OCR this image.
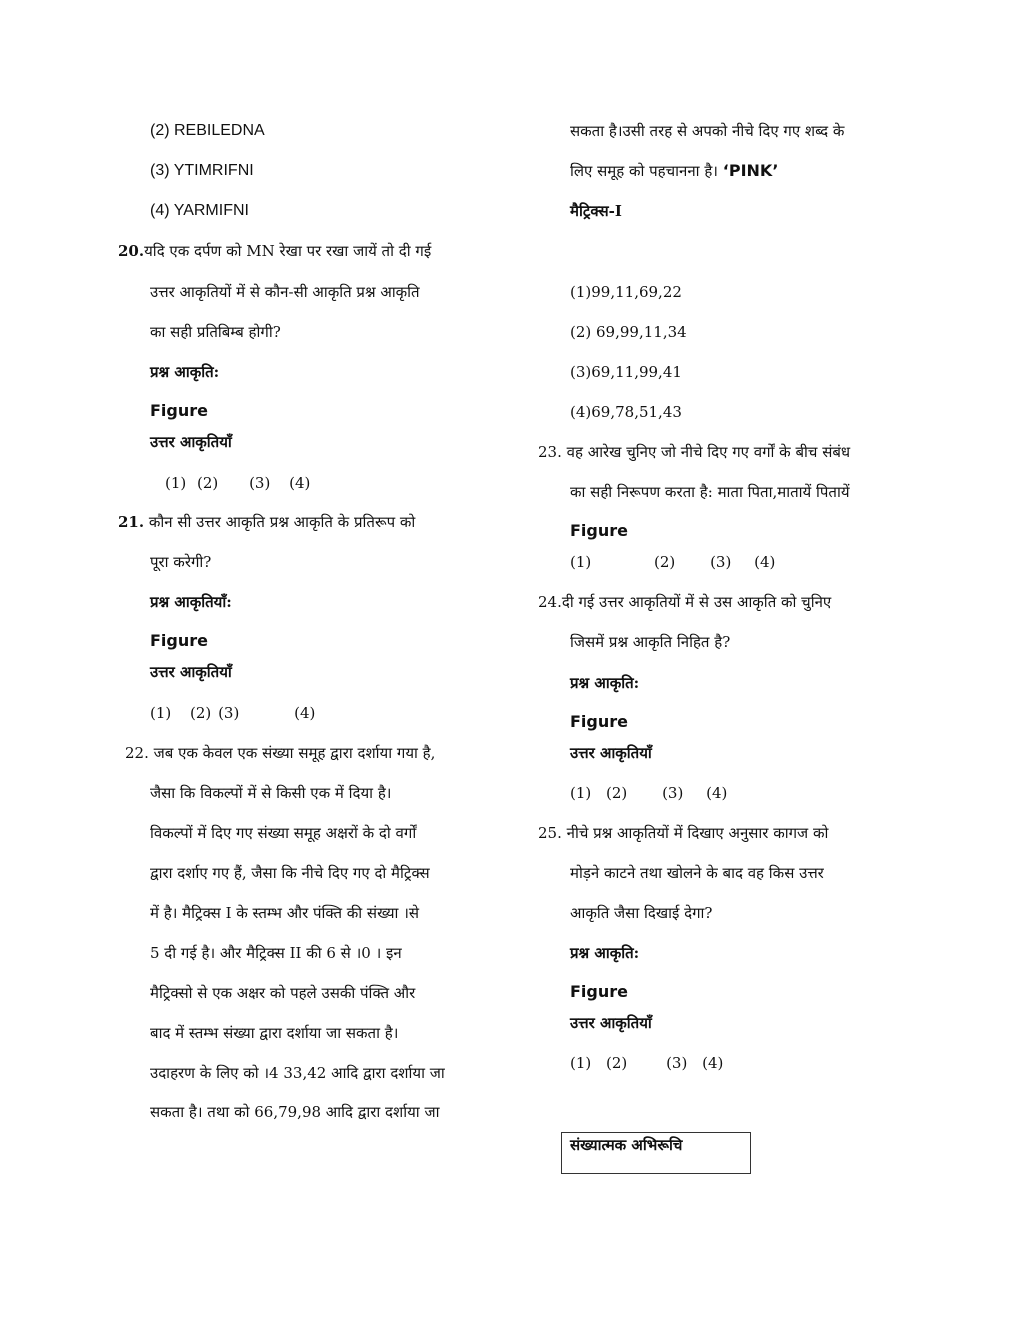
(2) REBILEDNA
(3) YTIMRIFNI
(4) YARMIFNI
20.यदि एक दर्पण को MN रेखा पर रखा जायें तो दी गई
उत्तर आकृतियों में से कौन-सी आकृति प्रश्न आकृति
का सही प्रतिबिम्ब होगी?
प्रश्न आकृति:
Figure
उत्तर आकृतियाँ
(1) (2) (3) (4)
21. कौन सी उत्तर आकृति प्रश्न आकृति के प्रतिरूप को
पूरा करेगी?
प्रश्न आकृतियाँ:
Figure
उत्तर आकृतियाँ
(1) (2) (3)	(4)
22. जब एक केवल एक संख्या समूह द्वारा दर्शाया गया है,
जैसा कि विकल्पों में से किसी एक में दिया है।
विकल्पों में दिए गए संख्या समूह अक्षरों के दो वर्गों
द्वारा दर्शाए गए हैं, जैसा कि नीचे दिए गए दो मैट्रिक्स
में है। मैट्रिक्स I के स्तम्भ और पंक्ति की संख्या ।से
5 दी गई है। और मैट्रिक्स II की 6 से ।0 । इन
मैट्रिक्सो से एक अक्षर को पहले उसकी पंक्ति और
बाद में स्तम्भ संख्या द्वारा दर्शाया जा सकता है।
उदाहरण के लिए को ।4 33,42 आदि द्वारा दर्शाया जा
सकता है। तथा को 66,79,98 आदि द्वारा दर्शाया जा
सकता है।उसी तरह से अपको नीचे दिए गए शब्द के
लिए समूह को पहचानना है। ‘PINK’
मैट्रिक्स-I
(1)99,11,69,22
(2) 69,99,11,34
(3)69,11,99,41
(4)69,78,51,43
23. वह आरेख चुनिए जो नीचे दिए गए वर्गों के बीच संबंध
का सही निरूपण करता है: माता पिता,मातायें पितायें
Figure
(1)	(2) (3) (4)
24.दी गई उत्तर आकृतियों में से उस आकृति को चुनिए
जिसमें प्रश्न आकृति निहित है?
प्रश्न आकृति:
Figure
उत्तर आकृतियाँ
(1) (2) (3) (4)
25. नीचे प्रश्न आकृतियों में दिखाए अनुसार कागज को
मोड़ने काटने तथा खोलने के बाद वह किस उत्तर
आकृति जैसा दिखाई देगा?
प्रश्न आकृति:
Figure
उत्तर आकृतियाँ
(1) (2)	(3) (4)
संख्यात्मक अभिरूचि
